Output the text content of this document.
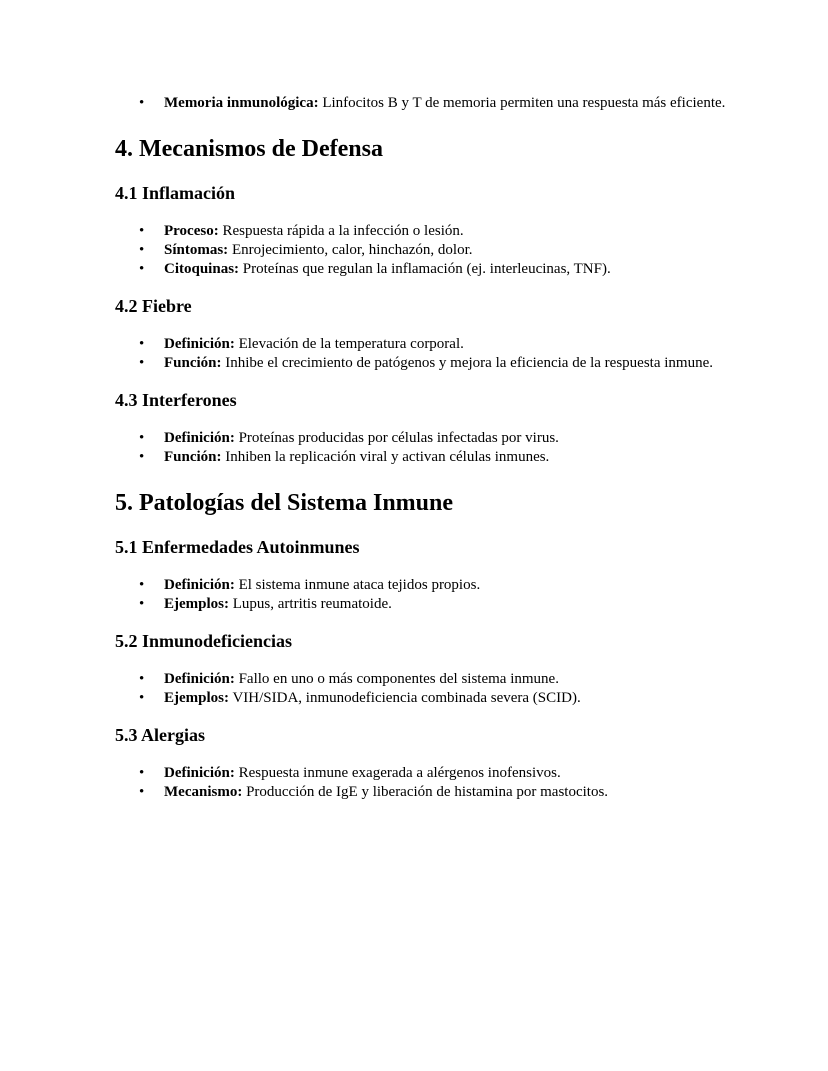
• Memoria inmunológica: Linfocitos B y T de memoria permiten una respuesta más eficiente.
4. Mecanismos de Defensa
4.1 Inflamación
• Proceso: Respuesta rápida a la infección o lesión.
• Síntomas: Enrojecimiento, calor, hinchazón, dolor.
• Citoquinas: Proteínas que regulan la inflamación (ej. interleucinas, TNF).
4.2 Fiebre
• Definición: Elevación de la temperatura corporal.
• Función: Inhibe el crecimiento de patógenos y mejora la eficiencia de la respuesta inmune.
4.3 Interferones
• Definición: Proteínas producidas por células infectadas por virus.
• Función: Inhiben la replicación viral y activan células inmunes.
5. Patologías del Sistema Inmune
5.1 Enfermedades Autoinmunes
• Definición: El sistema inmune ataca tejidos propios.
• Ejemplos: Lupus, artritis reumatoide.
5.2 Inmunodeficiencias
• Definición: Fallo en uno o más componentes del sistema inmune.
• Ejemplos: VIH/SIDA, inmunodeficiencia combinada severa (SCID).
5.3 Alergias
• Definición: Respuesta inmune exagerada a alérgenos inofensivos.
• Mecanismo: Producción de IgE y liberación de histamina por mastocitos.
